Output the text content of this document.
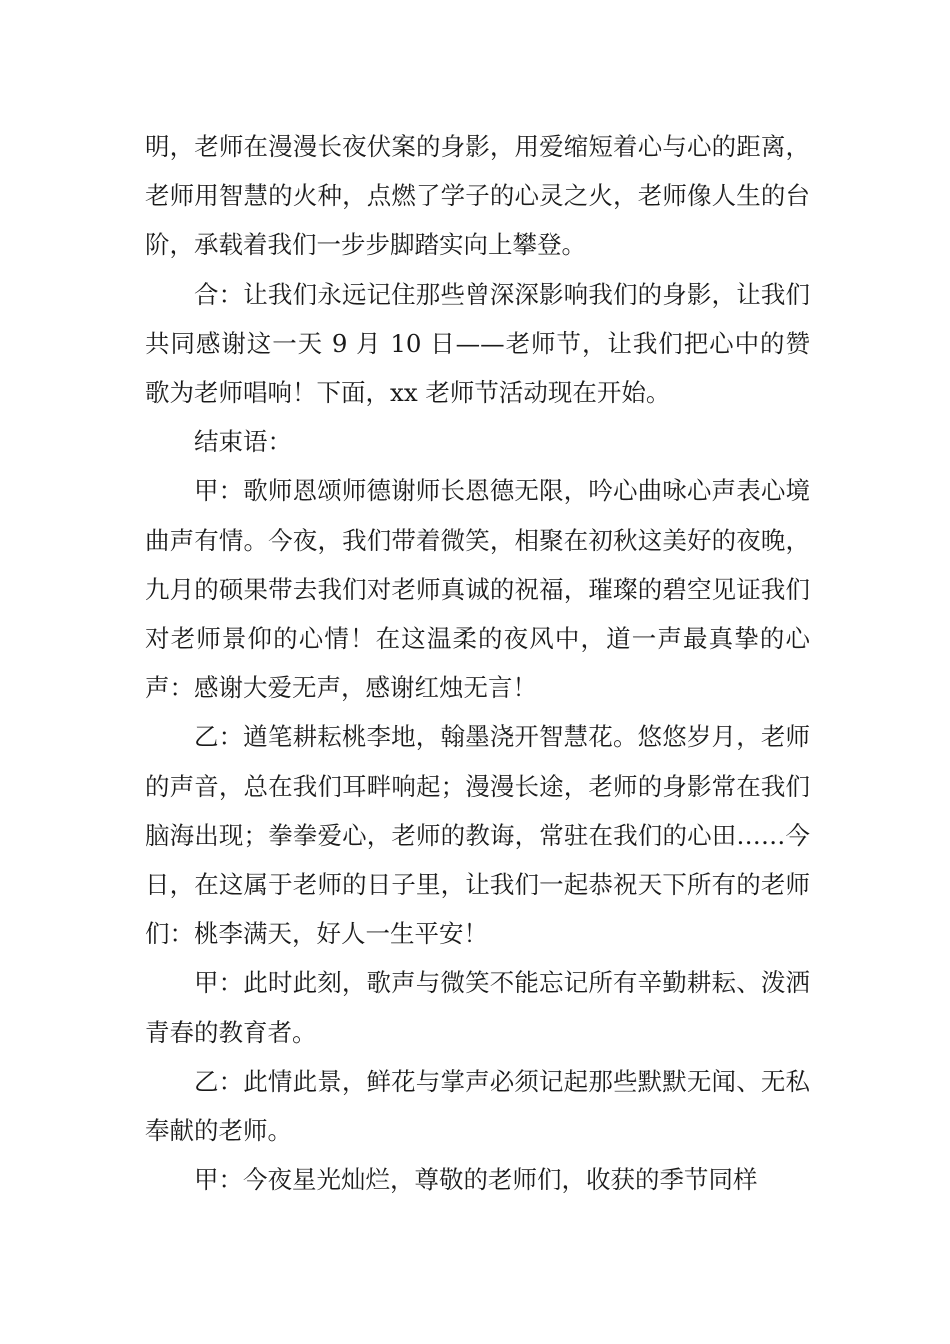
明，老师在漫漫长夜伏案的身影，用爱缩短着心与心的距离，老师用智慧的火种，点燃了学子的心灵之火，老师像人生的台阶，承载着我们一步步脚踏实向上攀登。

合：让我们永远记住那些曾深深影响我们的身影，让我们共同感谢这一天 9 月 10 日——老师节，让我们把心中的赞歌为老师唱响！下面，xx 老师节活动现在开始。

结束语：

甲：歌师恩颂师德谢师长恩德无限，吟心曲咏心声表心境曲声有情。今夜，我们带着微笑，相聚在初秋这美好的夜晚，九月的硕果带去我们对老师真诚的祝福，璀璨的碧空见证我们对老师景仰的心情！在这温柔的夜风中，道一声最真挚的心声：感谢大爱无声，感谢红烛无言！

乙：遒笔耕耘桃李地，翰墨浇开智慧花。悠悠岁月，老师的声音，总在我们耳畔响起；漫漫长途，老师的身影常在我们脑海出现；拳拳爱心，老师的教诲，常驻在我们的心田……今日，在这属于老师的日子里，让我们一起恭祝天下所有的老师们：桃李满天，好人一生平安！

甲：此时此刻，歌声与微笑不能忘记所有辛勤耕耘、泼洒青春的教育者。

乙：此情此景，鲜花与掌声必须记起那些默默无闻、无私奉献的老师。

甲：今夜星光灿烂，尊敬的老师们，收获的季节同样
